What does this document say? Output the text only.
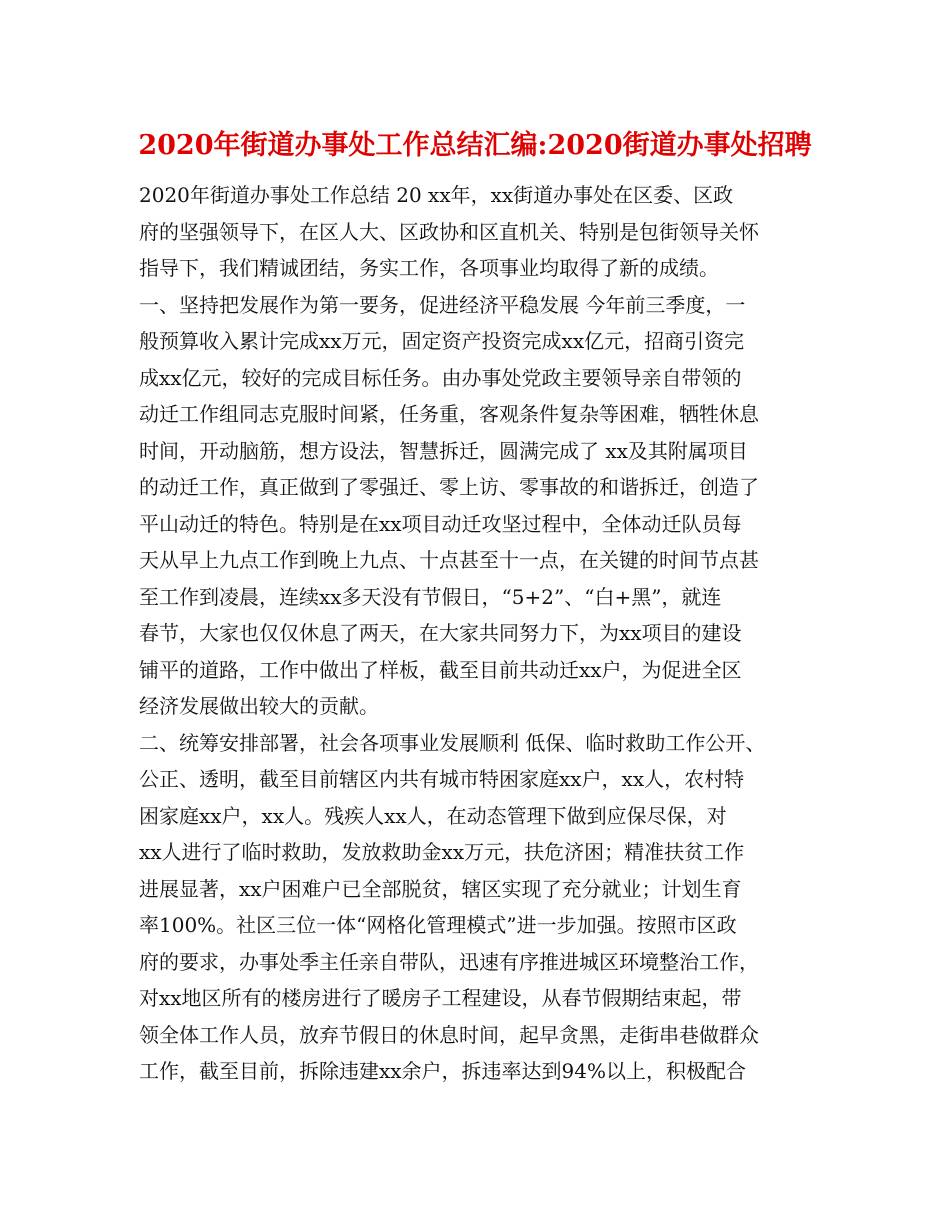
2020年街道办事处工作总结汇编:2020街道办事处招聘
2020年街道办事处工作总结 20 xx年，xx街道办事处在区委、区政
府的坚强领导下，在区人大、区政协和区直机关、特别是包街领导关怀
指导下，我们精诚团结，务实工作，各项事业均取得了新的成绩。
一、坚持把发展作为第一要务，促进经济平稳发展 今年前三季度，一
般预算收入累计完成xx万元，固定资产投资完成xx亿元，招商引资完
成xx亿元，较好的完成目标任务。由办事处党政主要领导亲自带领的
动迁工作组同志克服时间紧，任务重，客观条件复杂等困难，牺牲休息
时间，开动脑筋，想方设法，智慧拆迁，圆满完成了 xx及其附属项目
的动迁工作，真正做到了零强迁、零上访、零事故的和谐拆迁，创造了
平山动迁的特色。特别是在xx项目动迁攻坚过程中，全体动迁队员每
天从早上九点工作到晚上九点、十点甚至十一点，在关键的时间节点甚
至工作到凌晨，连续xx多天没有节假日，“5+2”、“白+黑”，就连
春节，大家也仅仅休息了两天，在大家共同努力下，为xx项目的建设
铺平的道路，工作中做出了样板，截至目前共动迁xx户，为促进全区
经济发展做出较大的贡献。
二、统筹安排部署，社会各项事业发展顺利 低保、临时救助工作公开、
公正、透明，截至目前辖区内共有城市特困家庭xx户，xx人，农村特
困家庭xx户，xx人。残疾人xx人，在动态管理下做到应保尽保，对
xx人进行了临时救助，发放救助金xx万元，扶危济困；精准扶贫工作
进展显著，xx户困难户已全部脱贫，辖区实现了充分就业；计划生育
率100%。社区三位一体“网格化管理模式”进一步加强。按照市区政
府的要求，办事处季主任亲自带队，迅速有序推进城区环境整治工作，
对xx地区所有的楼房进行了暖房子工程建设，从春节假期结束起，带
领全体工作人员，放弃节假日的休息时间，起早贪黑，走街串巷做群众
工作，截至目前，拆除违建xx余户，拆违率达到94%以上，积极配合
